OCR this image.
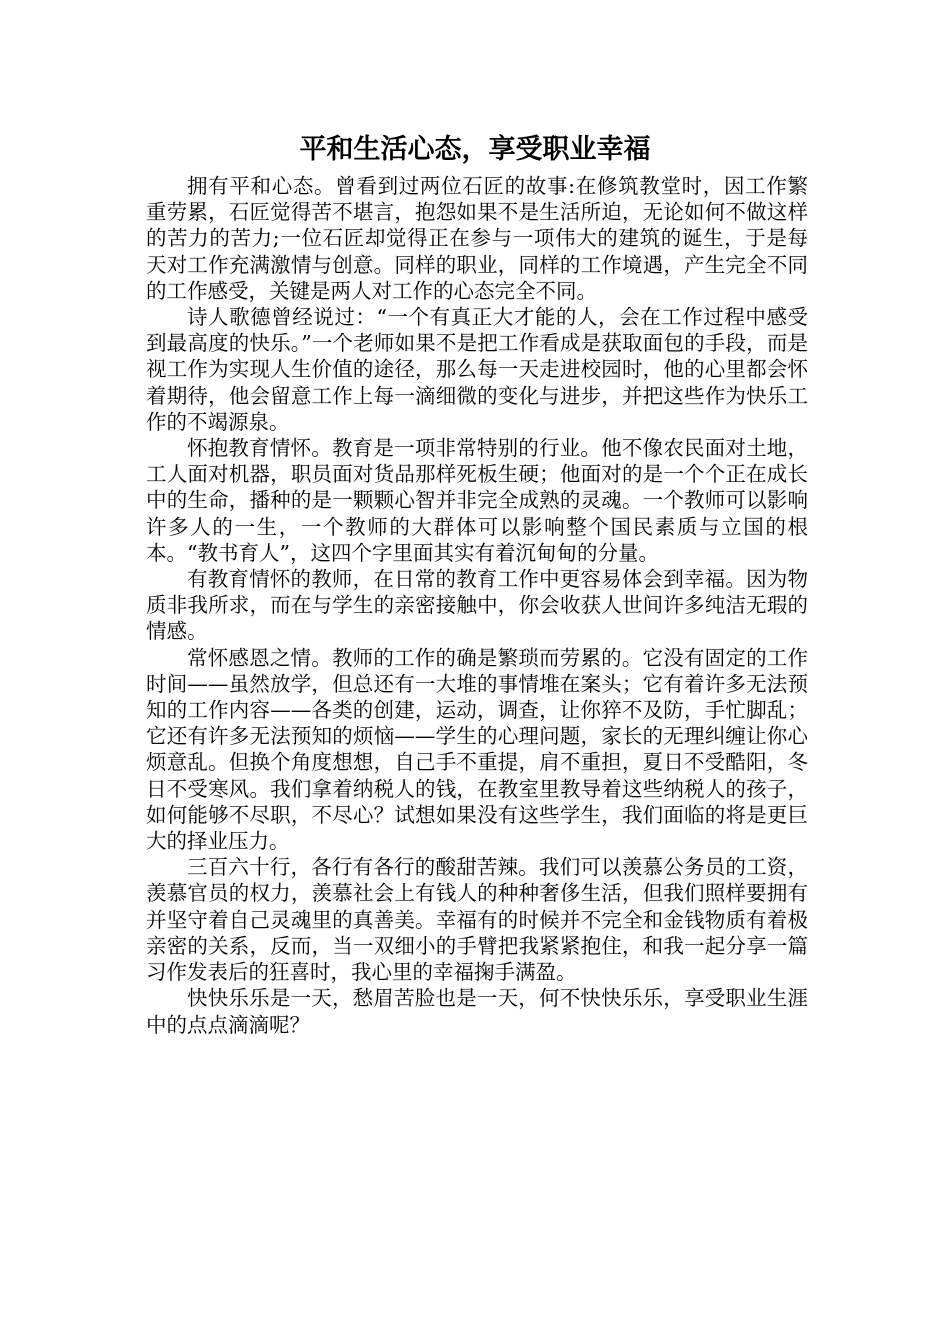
平和生活心态，享受职业幸福

拥有平和心态。曾看到过两位石匠的故事:在修筑教堂时，因工作繁重劳累，石匠觉得苦不堪言，抱怨如果不是生活所迫，无论如何不做这样的苦力的苦力;一位石匠却觉得正在参与一项伟大的建筑的诞生，于是每天对工作充满激情与创意。同样的职业，同样的工作境遇，产生完全不同的工作感受，关键是两人对工作的心态完全不同。

诗人歌德曾经说过：“一个有真正大才能的人，会在工作过程中感受到最高度的快乐。”一个老师如果不是把工作看成是获取面包的手段，而是视工作为实现人生价值的途径，那么每一天走进校园时，他的心里都会怀着期待，他会留意工作上每一滴细微的变化与进步，并把这些作为快乐工作的不竭源泉。

怀抱教育情怀。教育是一项非常特别的行业。他不像农民面对土地，工人面对机器，职员面对货品那样死板生硬；他面对的是一个个正在成长中的生命，播种的是一颗颗心智并非完全成熟的灵魂。一个教师可以影响许多人的一生，一个教师的大群体可以影响整个国民素质与立国的根本。“教书育人”，这四个字里面其实有着沉甸甸的分量。

有教育情怀的教师，在日常的教育工作中更容易体会到幸福。因为物质非我所求，而在与学生的亲密接触中，你会收获人世间许多纯洁无瑕的情感。

常怀感恩之情。教师的工作的确是繁琐而劳累的。它没有固定的工作时间——虽然放学，但总还有一大堆的事情堆在案头；它有着许多无法预知的工作内容——各类的创建，运动，调查，让你猝不及防，手忙脚乱；它还有许多无法预知的烦恼——学生的心理问题，家长的无理纠缠让你心烦意乱。但换个角度想想，自己手不重提，肩不重担，夏日不受酷阳，冬日不受寒风。我们拿着纳税人的钱，在教室里教导着这些纳税人的孩子，如何能够不尽职，不尽心？试想如果没有这些学生，我们面临的将是更巨大的择业压力。

三百六十行，各行有各行的酸甜苦辣。我们可以羡慕公务员的工资，羡慕官员的权力，羡慕社会上有钱人的种种奢侈生活，但我们照样要拥有并坚守着自己灵魂里的真善美。幸福有的时候并不完全和金钱物质有着极亲密的关系，反而，当一双细小的手臂把我紧紧抱住，和我一起分享一篇习作发表后的狂喜时，我心里的幸福掬手满盈。

快快乐乐是一天，愁眉苦脸也是一天，何不快快乐乐，享受职业生涯中的点点滴滴呢？
